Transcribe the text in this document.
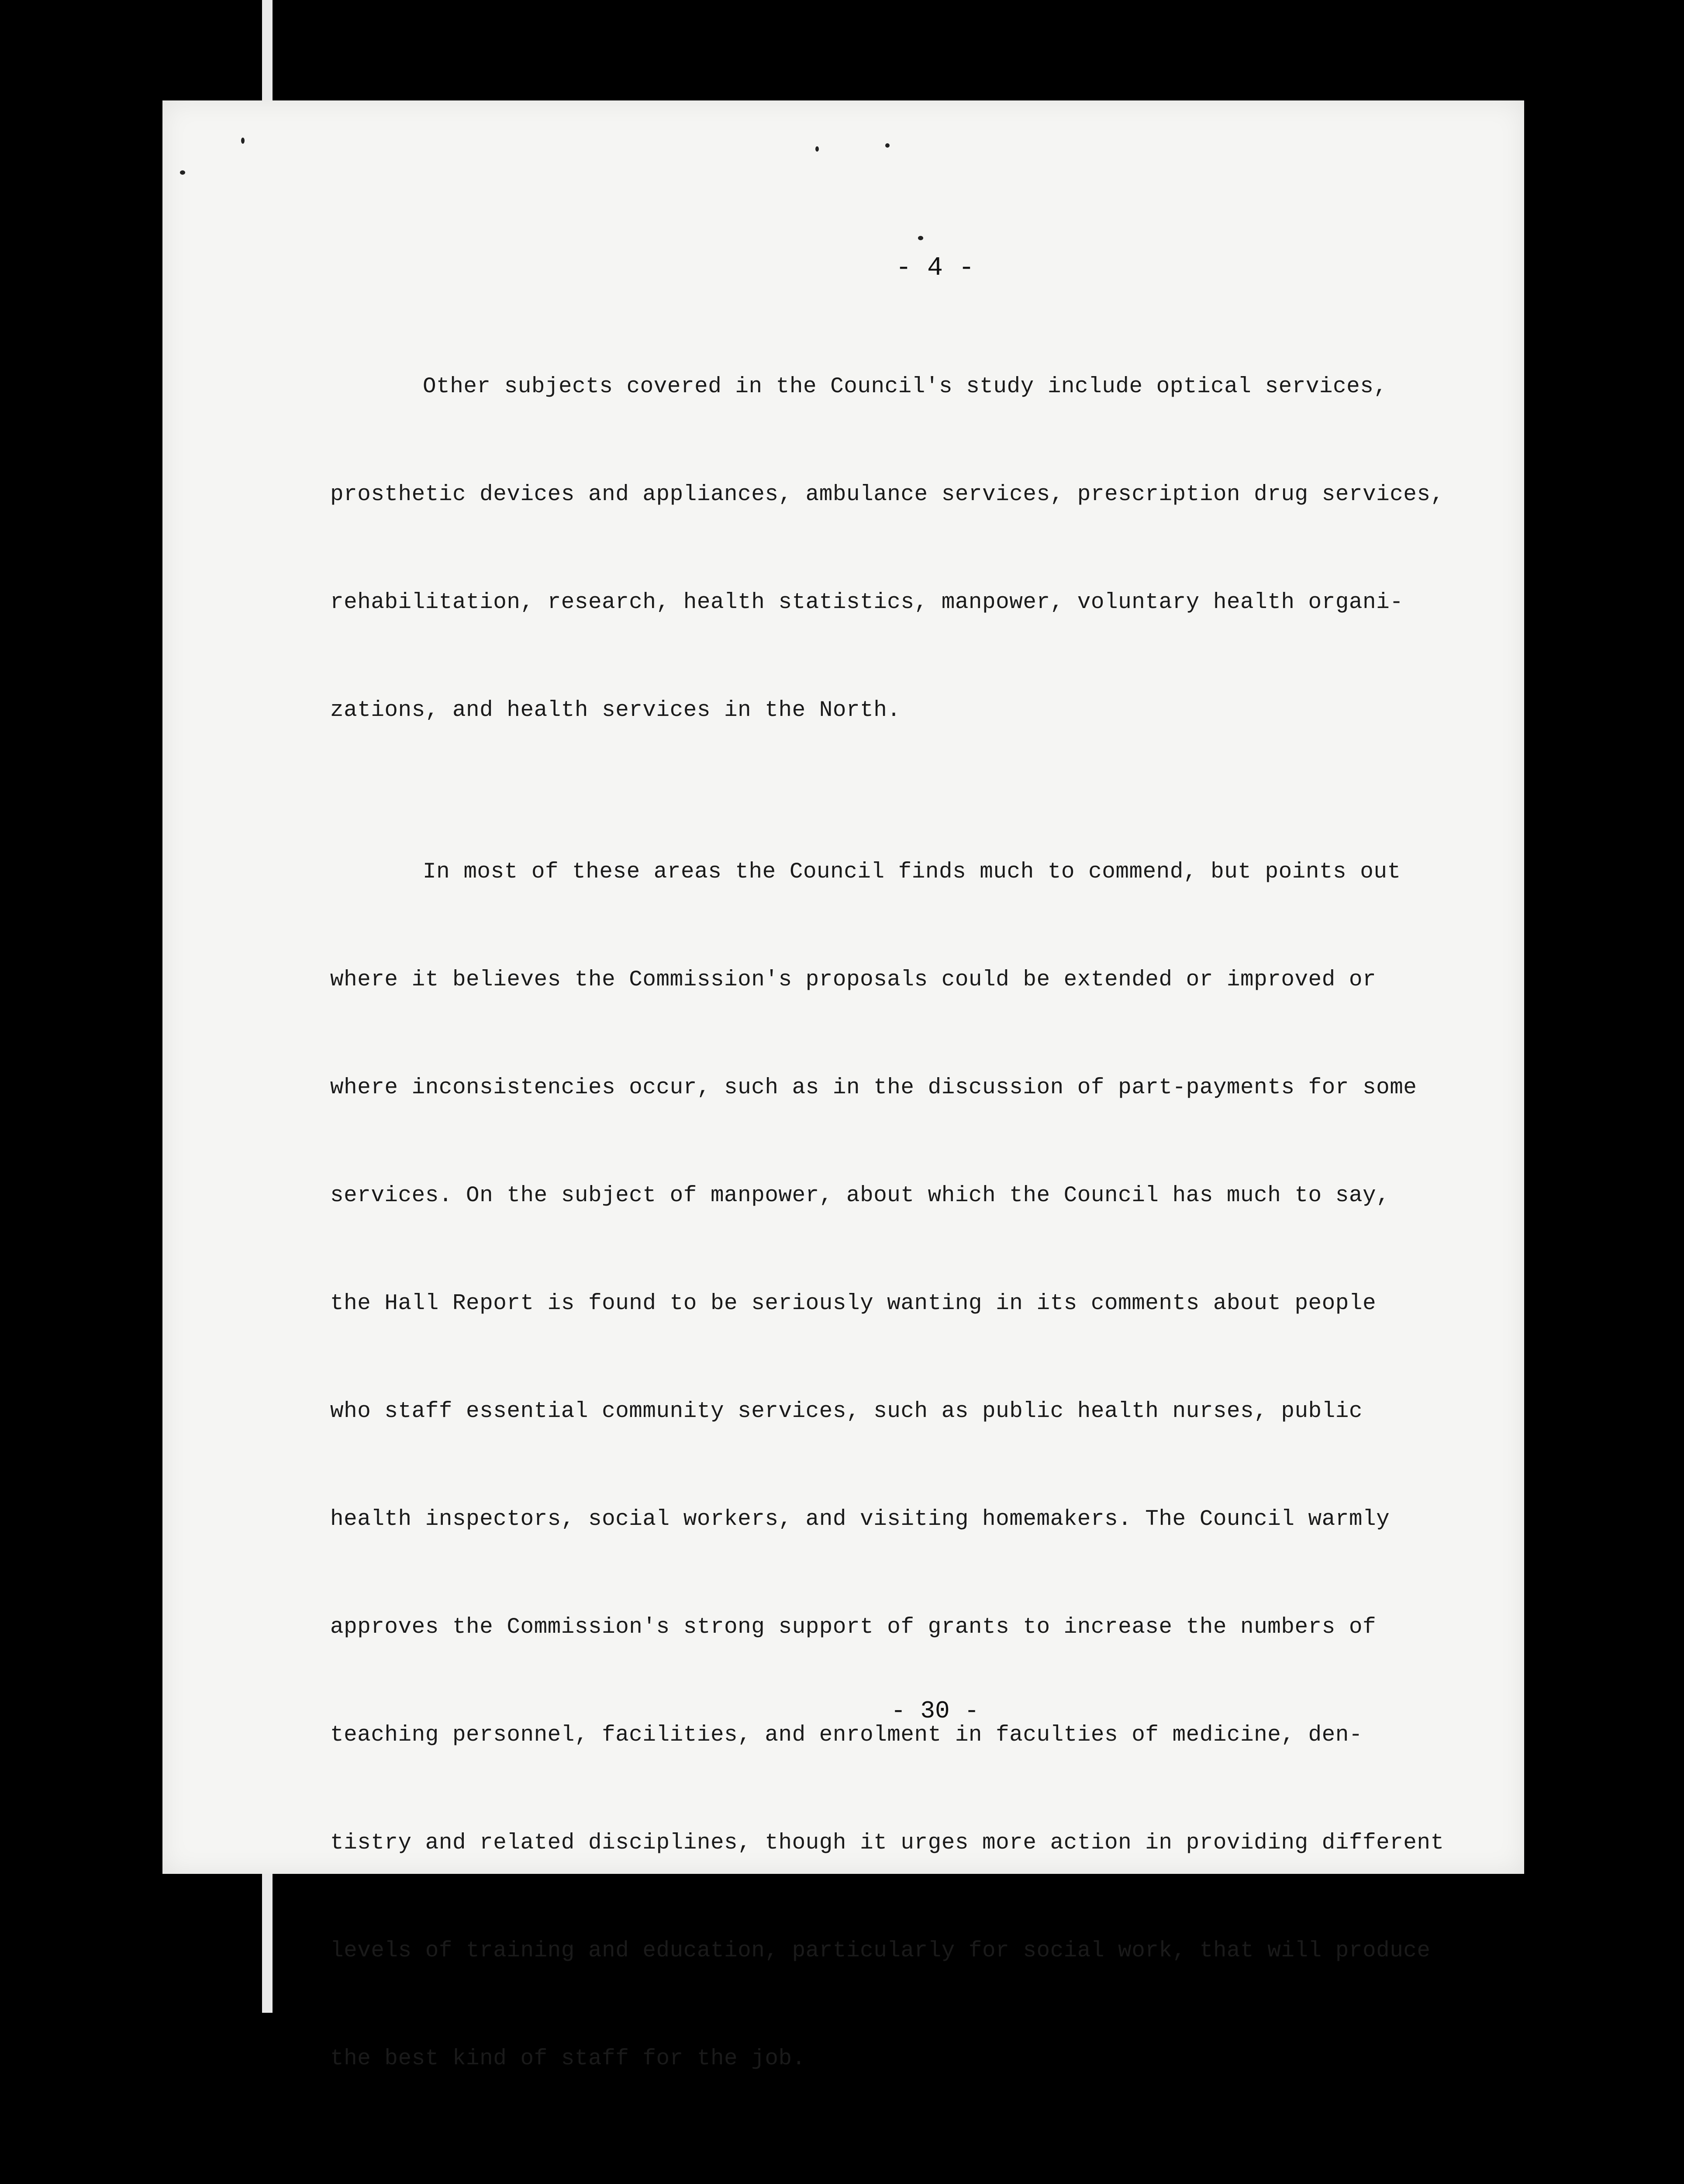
- 4 -

Other subjects covered in the Council's study include optical services,

prosthetic devices and appliances, ambulance services, prescription drug services,

rehabilitation, research, health statistics, manpower, voluntary health organi-

zations, and health services in the North.

In most of these areas the Council finds much to commend, but points out

where it believes the Commission's proposals could be extended or improved or

where inconsistencies occur, such as in the discussion of part-payments for some

services. On the subject of manpower, about which the Council has much to say,

the Hall Report is found to be seriously wanting in its comments about people

who staff essential community services, such as public health nurses, public

health inspectors, social workers, and visiting homemakers. The Council warmly

approves the Commission's strong support of grants to increase the numbers of

teaching personnel, facilities, and enrolment in faculties of medicine, den-

tistry and related disciplines, though it urges more action in providing different

levels of training and education, particularly for social work, that will produce

the best kind of staff for the job.

- 30 -
